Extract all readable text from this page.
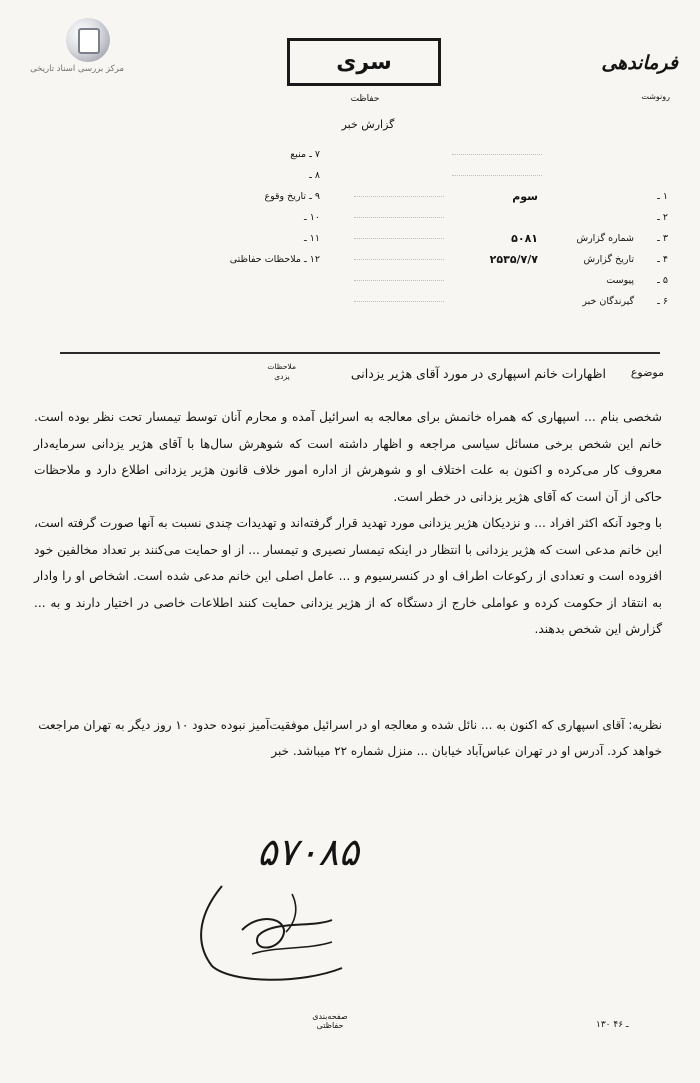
مرکز بررسی اسناد تاریخی	فرماندهی
رونوشت
سری
حفاظت
گزارش خبر
۱ ـ
سوم
۲ ـ
۳ ـ
شماره گزارش
۵۰۸۱
۴ ـ
تاریخ گزارش
۲۵۳۵/۷/۷
۵ ـ
پیوست
۶ ـ
گیرندگان خبر
۷ ـ منبع
۸ ـ
۹ ـ تاریخ وقوع
۱۰ ـ
۱۱ ـ
۱۲ ـ ملاحظات حفاظتی
موضوع
اظهارات خانم اسپهاری در مورد آقای هژیر یزدانی
ملاحظات
یزدی

شخصی بنام ... اسپهاری که همراه خانمش برای معالجه به اسرائیل آمده و محارم آنان توسط تیمسار تحت نظر بوده است. خانم این شخص برخی مسائل سیاسی مراجعه و اظهار داشته است که شوهرش سال‌ها با آقای هژیر یزدانی سرمایه‌دار معروف کار می‌کرده و اکنون به علت اختلاف او و شوهرش از اداره امور خلاف قانون هژیر یزدانی اطلاع دارد و ملاحظات حاکی از آن است که آقای هژیر یزدانی در خطر است.

با وجود آنکه اکثر افراد ... و نزدیکان هژیر یزدانی مورد تهدید قرار گرفته‌اند و تهدیدات چندی نسبت به آنها صورت گرفته است، این خانم مدعی است که هژیر یزدانی با انتظار در اینکه تیمسار نصیری و تیمسار ... از او حمایت می‌کنند بر تعداد مخالفین خود افزوده است و تعدادی از رکوعات اطراف او در کنسرسیوم و ... عامل اصلی این خانم مدعی شده است. اشخاص او را وادار به انتقاد از حکومت کرده و عواملی خارج از دستگاه که از هژیر یزدانی حمایت کنند اطلاعات خاصی در اختیار دارند و به ... گزارش این شخص بدهند.

نظریه: آقای اسپهاری که اکنون به ... نائل شده و معالجه او در اسرائیل موفقیت‌آمیز نبوده حدود ۱۰ روز دیگر به تهران مراجعت خواهد کرد. آدرس او در تهران عباس‌آباد خیابان ... منزل شماره ۲۲ میباشد. خبر
۵۷۰۸۵
صفحه‌بندی حفاظتی	۱۳۰ ـ ۴۶
